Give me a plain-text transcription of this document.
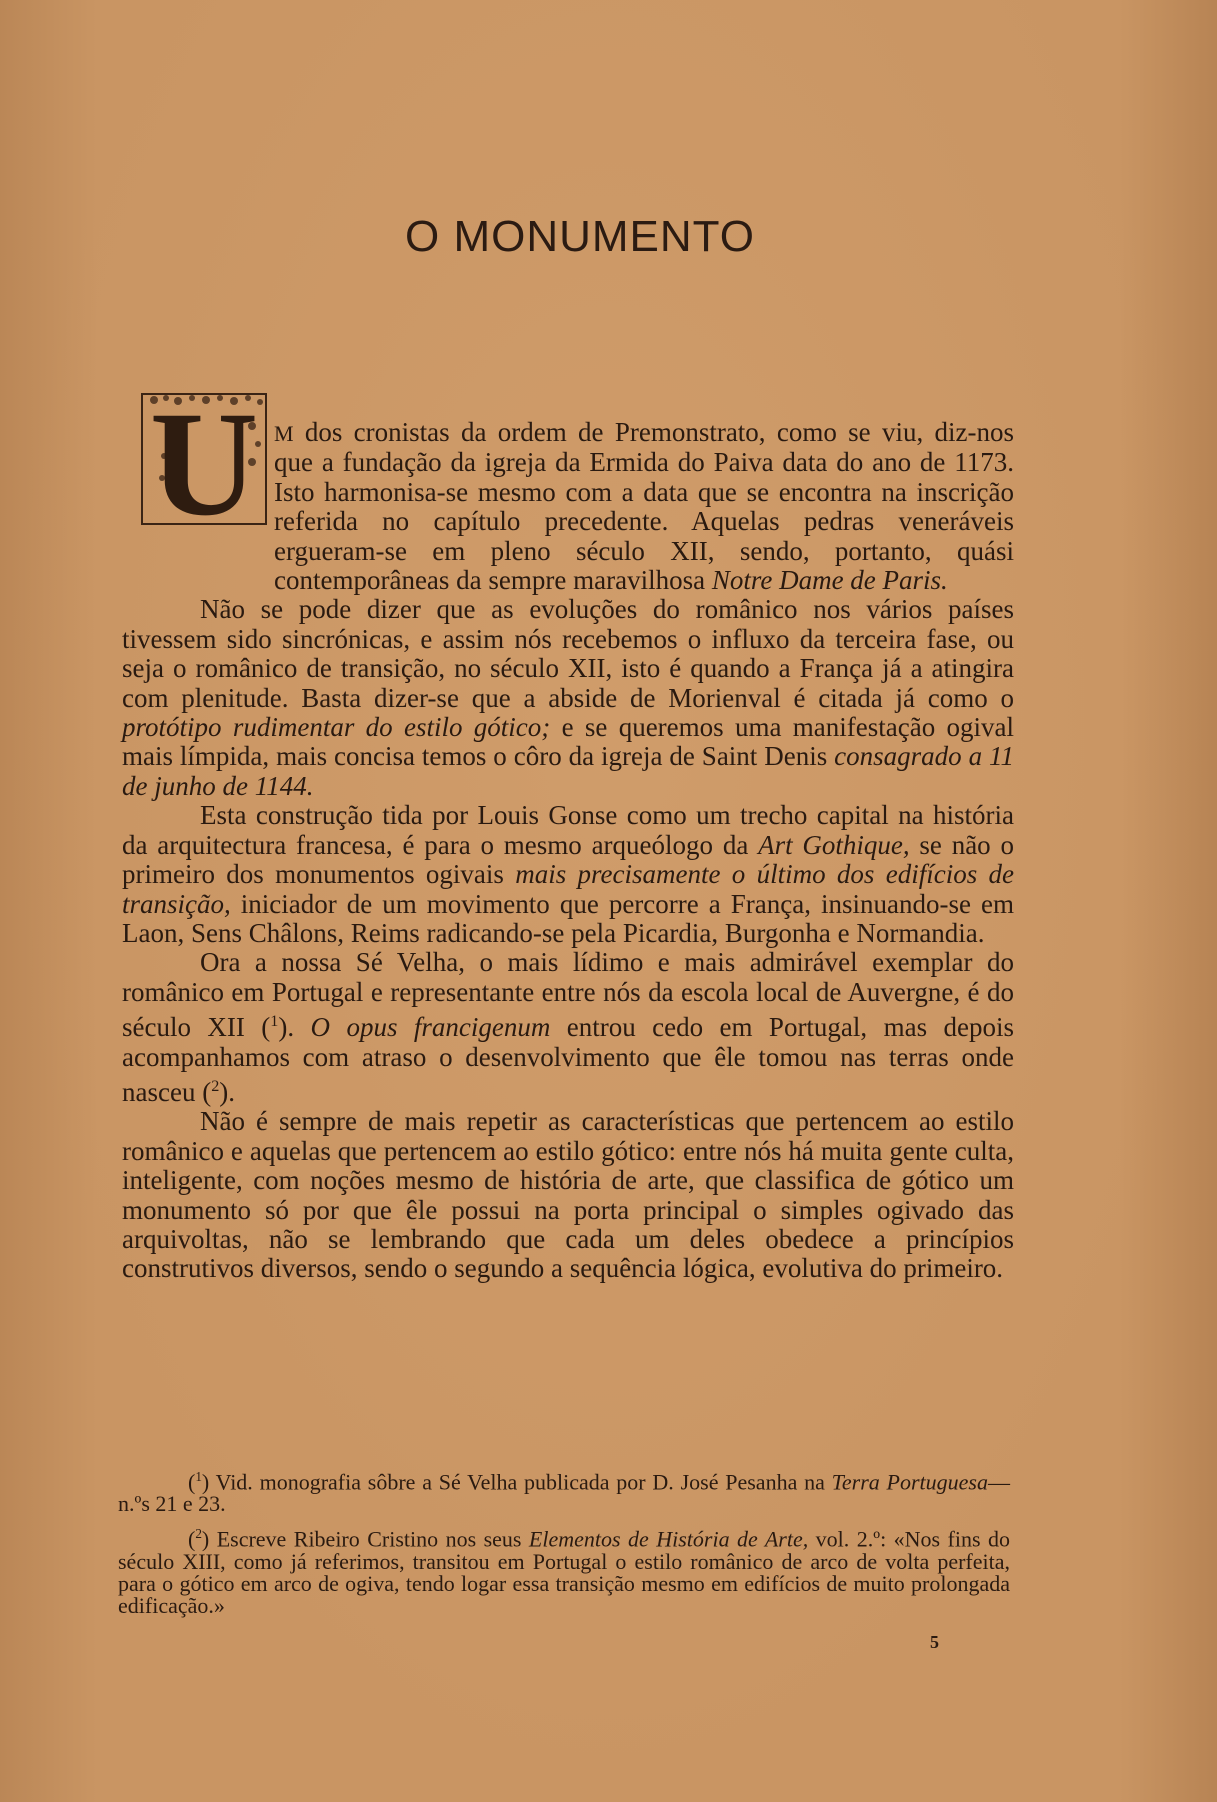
O MONUMENTO
U M dos cronistas da ordem de Premonstrato, como se viu, diz-nos que a fundação da igreja da Ermida do Paiva data do ano de 1173. Isto harmonisa-se mesmo com a data que se encontra na inscrição referida no capítulo precedente. Aquelas pedras veneráveis ergueram-se em pleno século XII, sendo, portanto, quási contemporâneas da sempre maravilhosa Notre Dame de Paris.

Não se pode dizer que as evoluções do românico nos vários países tivessem sido sincrónicas, e assim nós recebemos o influxo da terceira fase, ou seja o românico de transição, no século XII, isto é quando a França já a atingira com plenitude. Basta dizer-se que a abside de Morienval é citada já como o protótipo rudimentar do estilo gótico; e se queremos uma manifestação ogival mais límpida, mais concisa temos o côro da igreja de Saint Denis consagrado a 11 de junho de 1144.

Esta construção tida por Louis Gonse como um trecho capital na história da arquitectura francesa, é para o mesmo arqueólogo da Art Gothique, se não o primeiro dos monumentos ogivais mais precisamente o último dos edifícios de transição, iniciador de um movimento que percorre a França, insinuando-se em Laon, Sens Châlons, Reims radicando-se pela Picardia, Burgonha e Normandia.

Ora a nossa Sé Velha, o mais lídimo e mais admirável exemplar do românico em Portugal e representante entre nós da escola local de Auvergne, é do século XII ($^1$). O opus francigenum entrou cedo em Portugal, mas depois acompanhamos com atraso o desenvolvimento que êle tomou nas terras onde nasceu ($^2$).

Não é sempre de mais repetir as características que pertencem ao estilo românico e aquelas que pertencem ao estilo gótico: entre nós há muita gente culta, inteligente, com noções mesmo de história de arte, que classifica de gótico um monumento só por que êle possui na porta principal o simples ogivado das arquivoltas, não se lembrando que cada um deles obedece a princípios construtivos diversos, sendo o segundo a sequência lógica, evolutiva do primeiro.

($^1$) Vid. monografia sôbre a Sé Velha publicada por D. José Pesanha na Terra Portuguesa— n.ºs 21 e 23.

($^2$) Escreve Ribeiro Cristino nos seus Elementos de História de Arte, vol. 2.º: «Nos fins do século XIII, como já referimos, transitou em Portugal o estilo românico de arco de volta perfeita, para o gótico em arco de ogiva, tendo logar essa transição mesmo em edifícios de muito prolongada edificação.»

5
